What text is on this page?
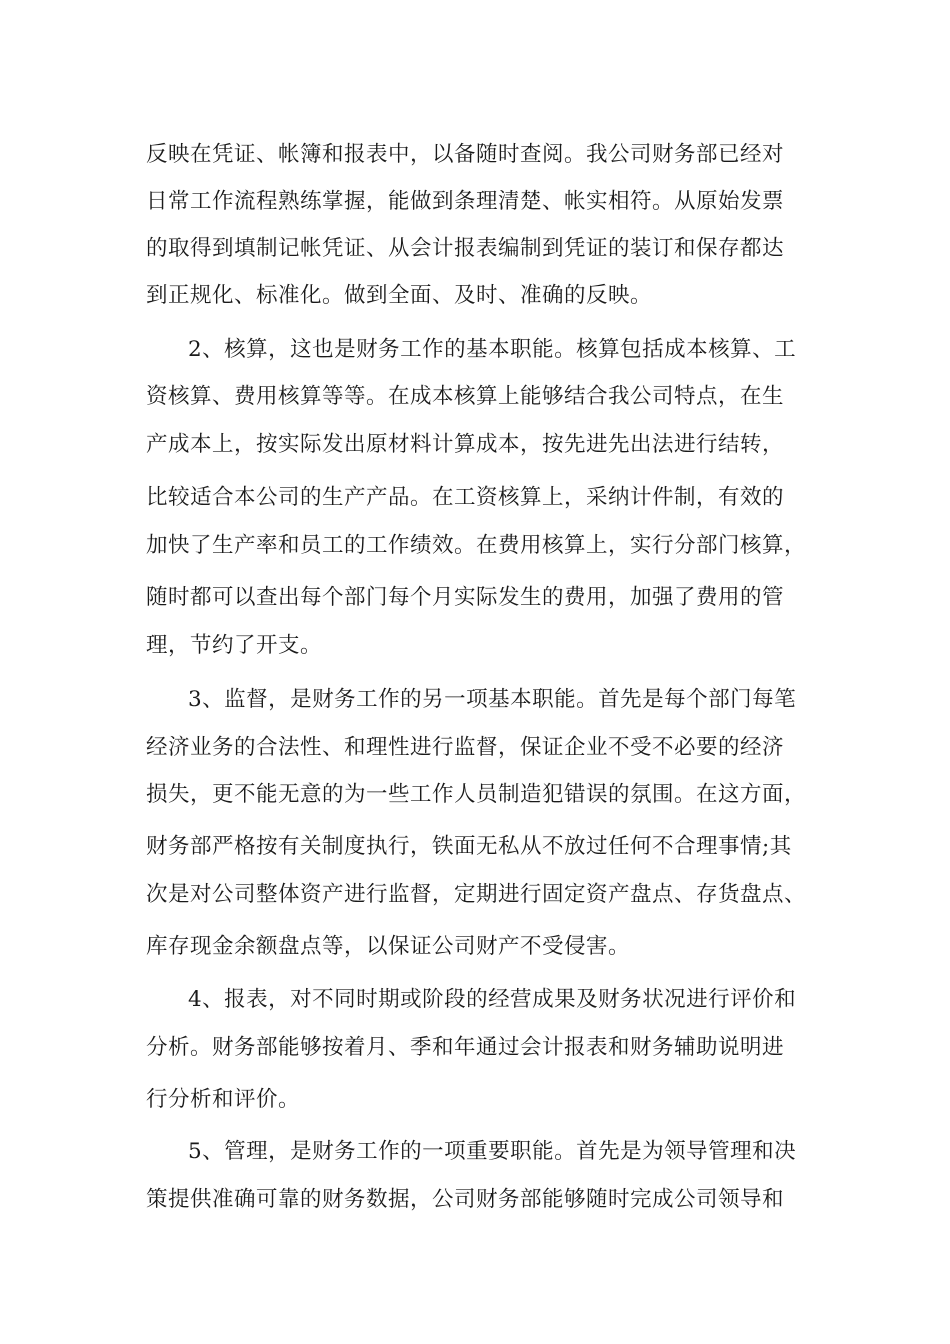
反映在凭证、帐簿和报表中，以备随时查阅。我公司财务部已经对
日常工作流程熟练掌握，能做到条理清楚、帐实相符。从原始发票
的取得到填制记帐凭证、从会计报表编制到凭证的装订和保存都达
到正规化、标准化。做到全面、及时、准确的反映。
2、核算，这也是财务工作的基本职能。核算包括成本核算、工
资核算、费用核算等等。在成本核算上能够结合我公司特点，在生
产成本上，按实际发出原材料计算成本，按先进先出法进行结转，
比较适合本公司的生产产品。在工资核算上，采纳计件制，有效的
加快了生产率和员工的工作绩效。在费用核算上，实行分部门核算，
随时都可以查出每个部门每个月实际发生的费用，加强了费用的管
理，节约了开支。
3、监督，是财务工作的另一项基本职能。首先是每个部门每笔
经济业务的合法性、和理性进行监督，保证企业不受不必要的经济
损失，更不能无意的为一些工作人员制造犯错误的氛围。在这方面，
财务部严格按有关制度执行，铁面无私从不放过任何不合理事情;其
次是对公司整体资产进行监督，定期进行固定资产盘点、存货盘点、
库存现金余额盘点等，以保证公司财产不受侵害。
4、报表，对不同时期或阶段的经营成果及财务状况进行评价和
分析。财务部能够按着月、季和年通过会计报表和财务辅助说明进
行分析和评价。
5、管理，是财务工作的一项重要职能。首先是为领导管理和决
策提供准确可靠的财务数据，公司财务部能够随时完成公司领导和
